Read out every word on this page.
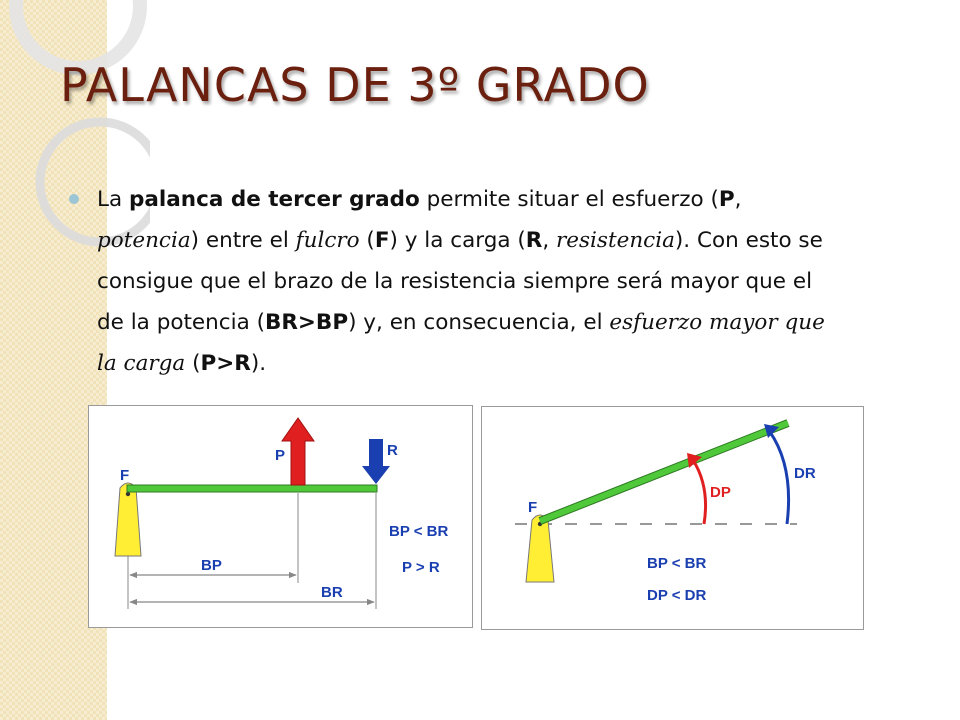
PALANCAS DE 3º GRADO

La palanca de tercer grado permite situar el esfuerzo (P, potencia) entre el fulcro (F) y la carga (R, resistencia). Con esto se consigue que el brazo de la resistencia siempre será mayor que el de la potencia (BR>BP) y, en consecuencia, el esfuerzo mayor que la carga (P>R).

F
P	R
BP
BR
BP < BR
P > R
F
DP
DR
BP < BR
DP < DR
